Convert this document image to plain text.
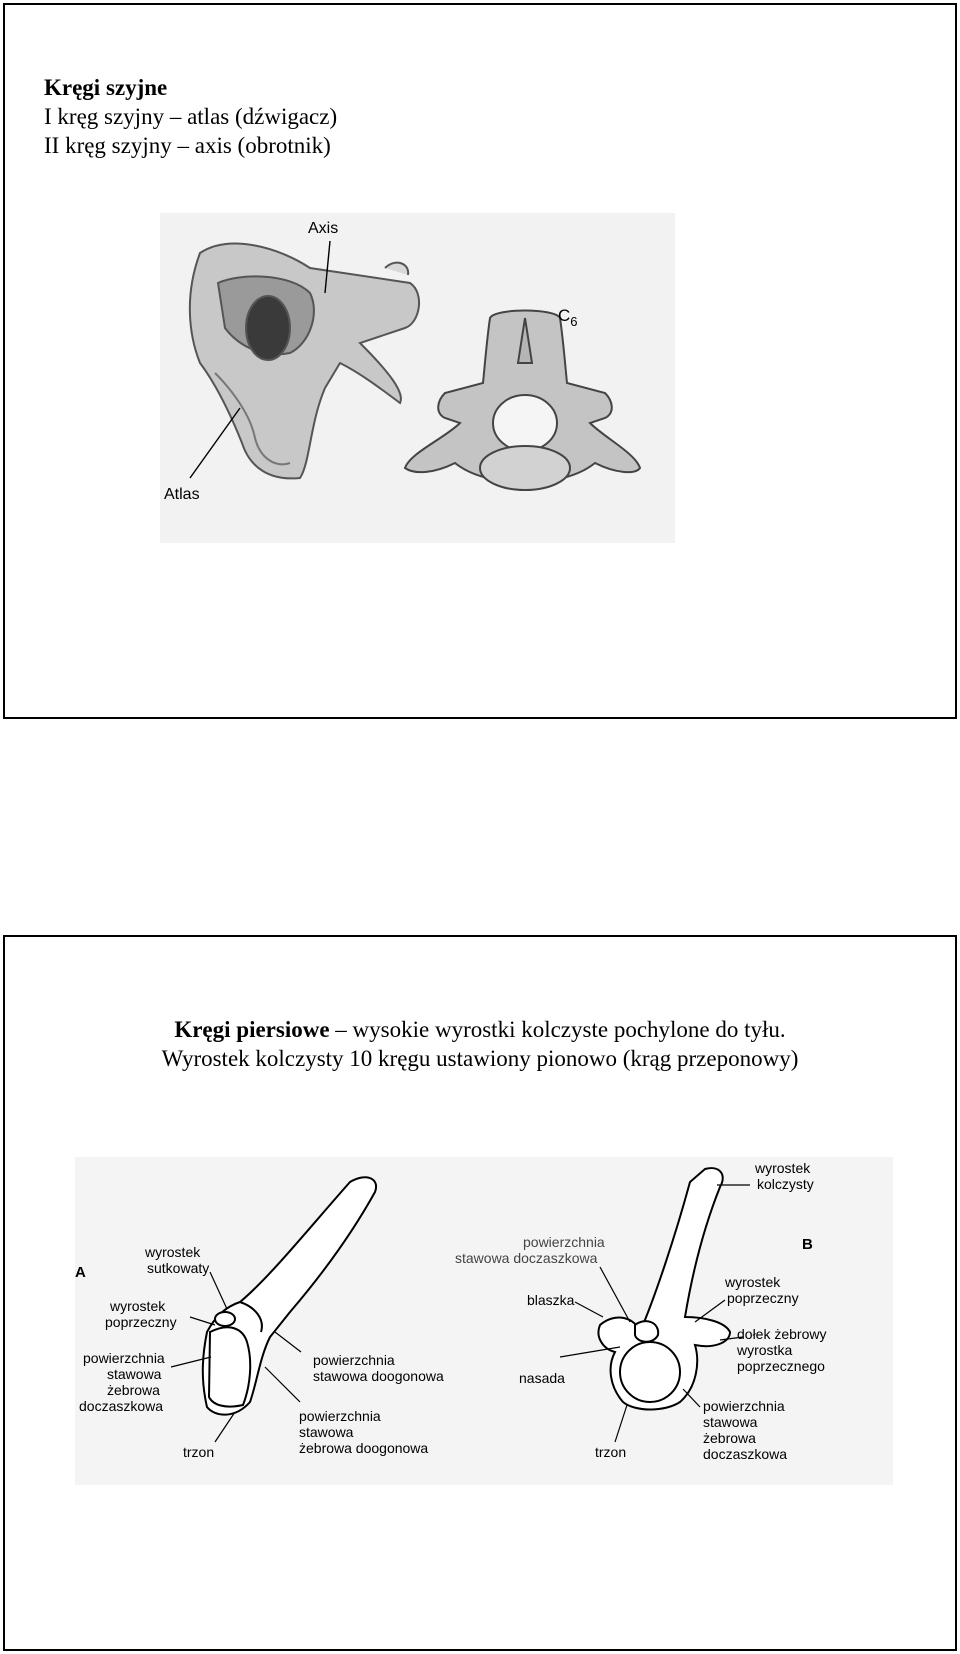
Kręgi szyjne
I kręg szyjny – atlas (dźwigacz)
II kręg szyjny – axis (obrotnik)
Axis
Atlas
$C_6$
Kręgi piersiowe – wysokie wyrostki kolczyste pochylone do tyłu.
Wyrostek kolczysty 10 kręgu ustawiony pionowo (krąg przeponowy)
A
wyrostek
sutkowaty
wyrostek
poprzeczny
powierzchnia
stawowa
żebrowa
doczaszkowa
trzon
powierzchnia
stawowa doogonowa
powierzchnia
stawowa
żebrowa doogonowa
B
wyrostek
kolczysty
powierzchnia
stawowa doczaszkowa
blaszka
wyrostek
poprzeczny
dołek żebrowy
wyrostka
poprzecznego
nasada
trzon
powierzchnia
stawowa
żebrowa
doczaszkowa
